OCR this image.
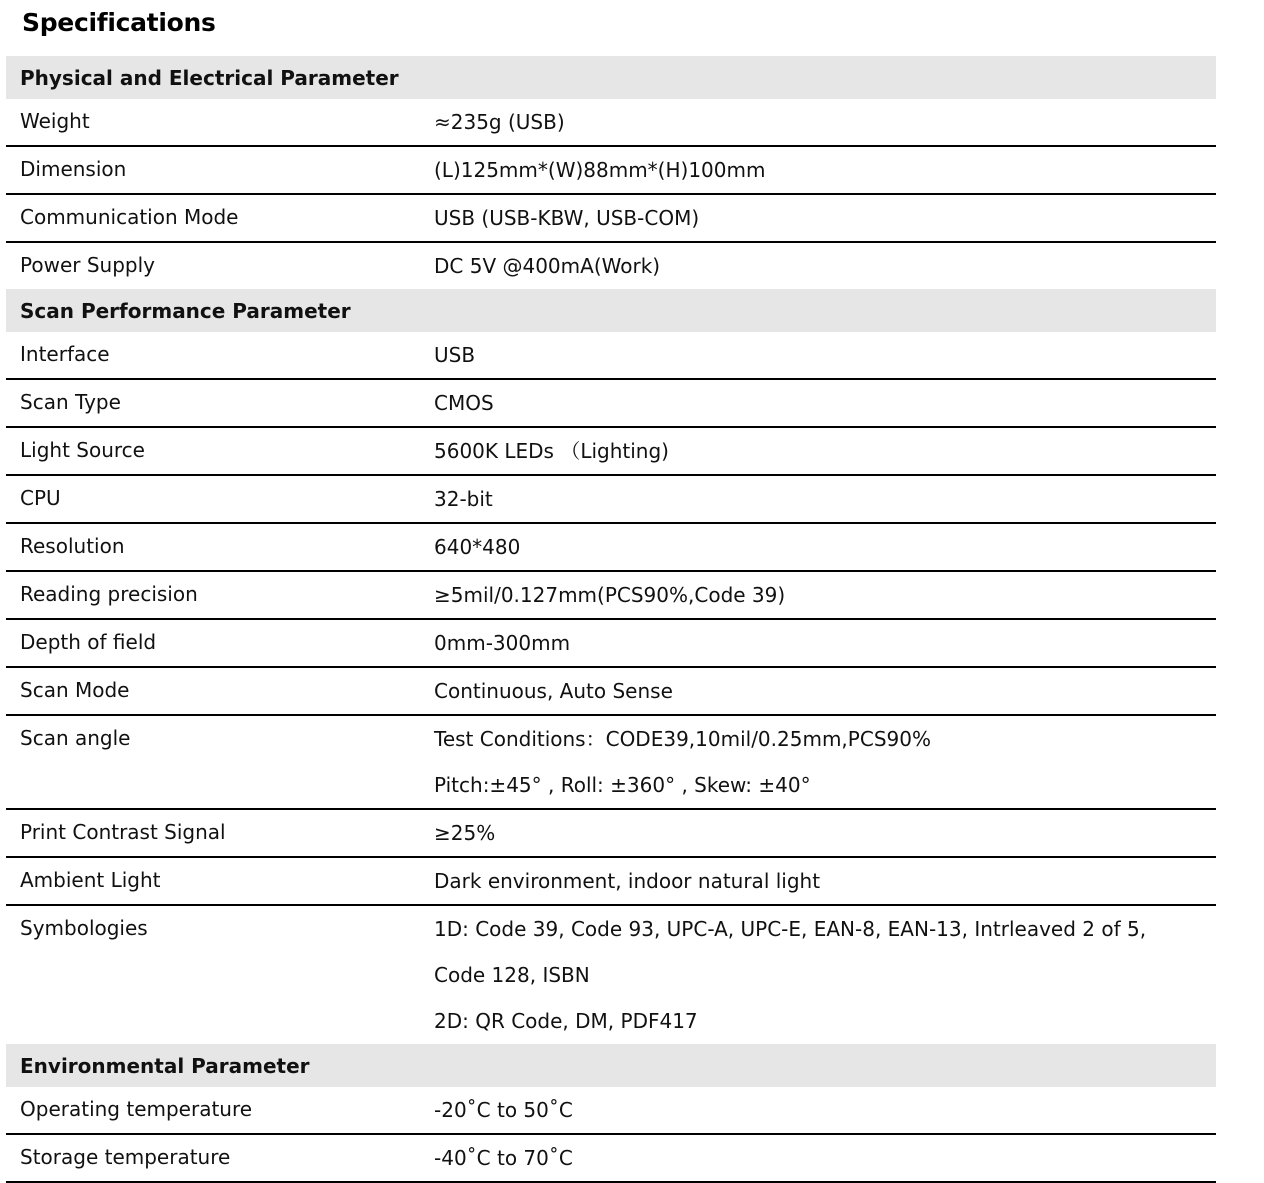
Specifications
Physical and Electrical Parameter
Weight	≈235g (USB)
Dimension	(L)125mm*(W)88mm*(H)100mm
Communication Mode	USB (USB-KBW, USB-COM)
Power Supply	DC 5V @400mA(Work)
Scan Performance Parameter
Interface	USB
Scan Type	CMOS
Light Source	5600K LEDs （Lighting)
CPU	32-bit
Resolution	640*480
Reading precision	≥5mil/0.127mm(PCS90%,Code 39)
Depth of field	0mm-300mm
Scan Mode	Continuous, Auto Sense
Scan angle	Test Conditions：CODE39,10mil/0.25mm,PCS90%
Pitch:±45° , Roll: ±360° , Skew: ±40°
Print Contrast Signal	≥25%
Ambient Light	Dark environment, indoor natural light
Symbologies	1D: Code 39, Code 93, UPC-A, UPC-E, EAN-8, EAN-13, Intrleaved 2 of 5,
Code 128, ISBN
2D: QR Code, DM, PDF417
Environmental Parameter
Operating temperature	-20˚C to 50˚C
Storage temperature	-40˚C to 70˚C
